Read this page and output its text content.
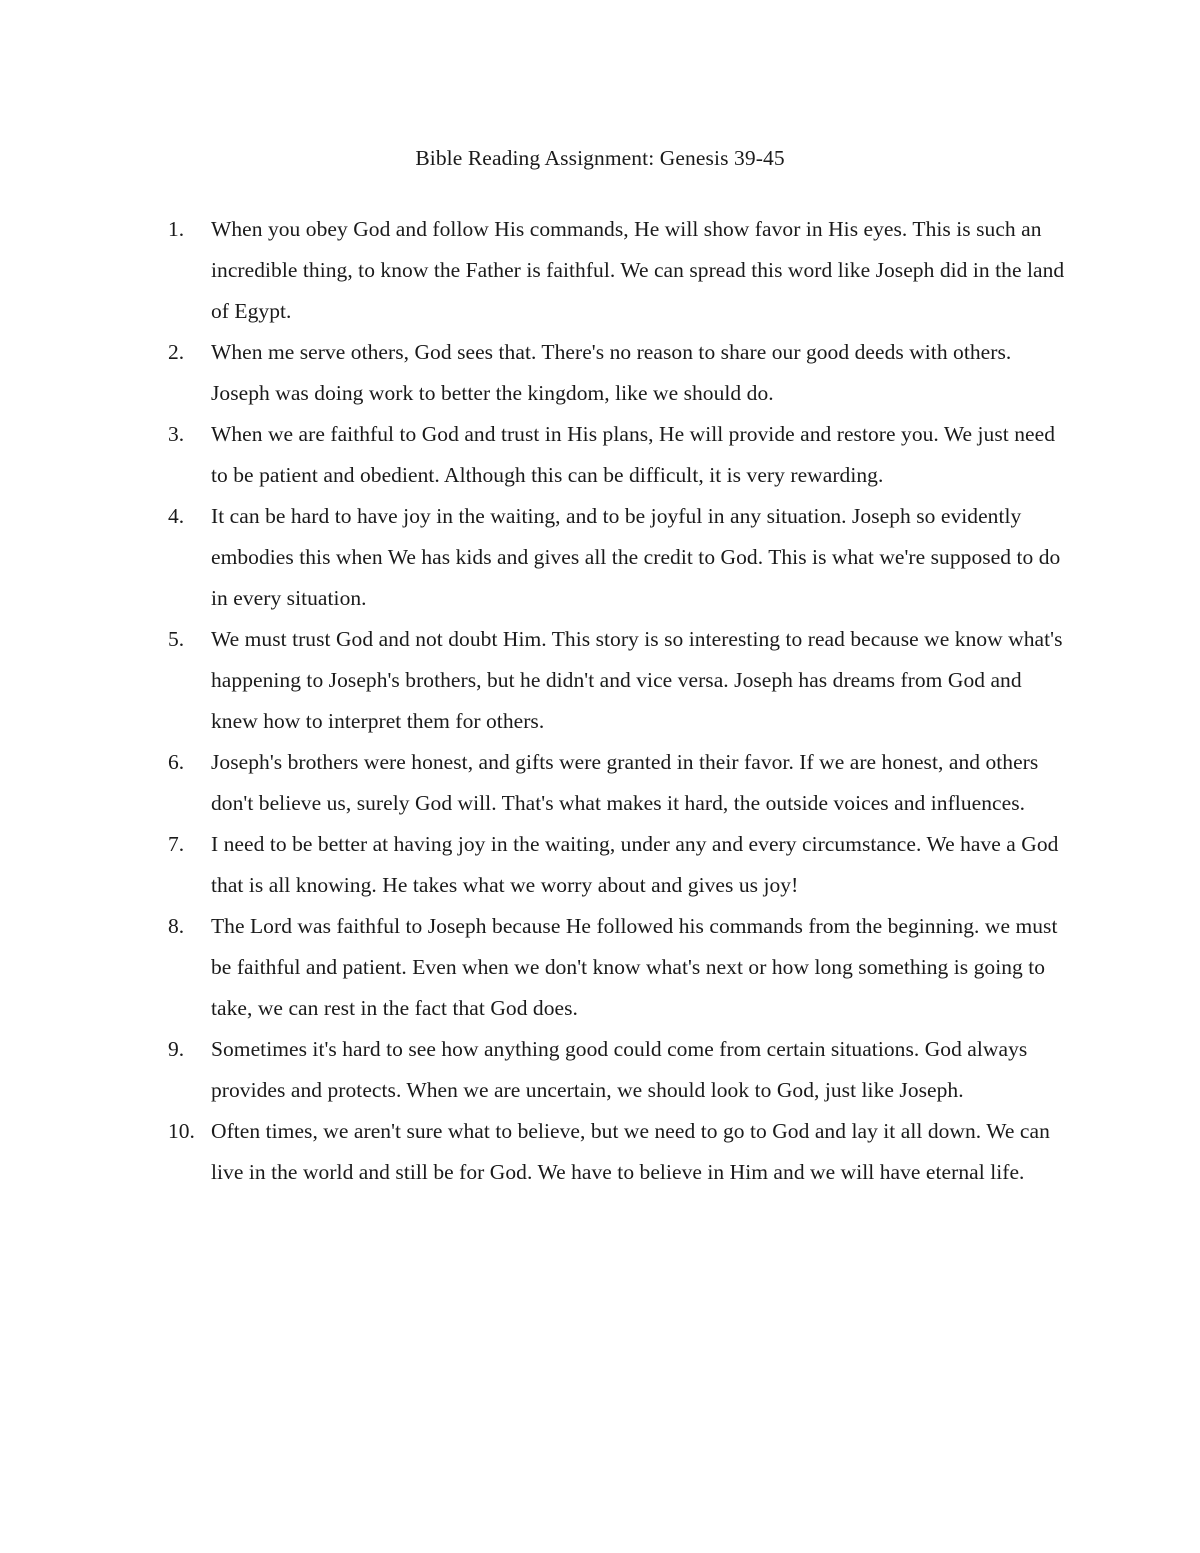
Bible Reading Assignment: Genesis 39-45
1.	When you obey God and follow His commands, He will show favor in His eyes. This is such an incredible thing, to know the Father is faithful. We can spread this word like Joseph did in the land of Egypt.
2.	When me serve others, God sees that. There's no reason to share our good deeds with others. Joseph was doing work to better the kingdom, like we should do.
3.	When we are faithful to God and trust in His plans, He will provide and restore you. We just need to be patient and obedient. Although this can be difficult, it is very rewarding.
4.	It can be hard to have joy in the waiting, and to be joyful in any situation. Joseph so evidently embodies this when We has kids and gives all the credit to God. This is what we're supposed to do in every situation.
5.	We must trust God and not doubt Him. This story is so interesting to read because we know what's happening to Joseph's brothers, but he didn't and vice versa. Joseph has dreams from God and knew how to interpret them for others.
6.	Joseph's brothers were honest, and gifts were granted in their favor. If we are honest, and others don't believe us, surely God will. That's what makes it hard, the outside voices and influences.
7.	I need to be better at having joy in the waiting, under any and every circumstance. We have a God that is all knowing. He takes what we worry about and gives us joy!
8.	The Lord was faithful to Joseph because He followed his commands from the beginning. we must be faithful and patient. Even when we don't know what's next or how long something is going to take, we can rest in the fact that God does.
9.	Sometimes it's hard to see how anything good could come from certain situations. God always provides and protects. When we are uncertain, we should look to God, just like Joseph.
10. Often times, we aren't sure what to believe, but we need to go to God and lay it all down. We can live in the world and still be for God. We have to believe in Him and we will have eternal life.
